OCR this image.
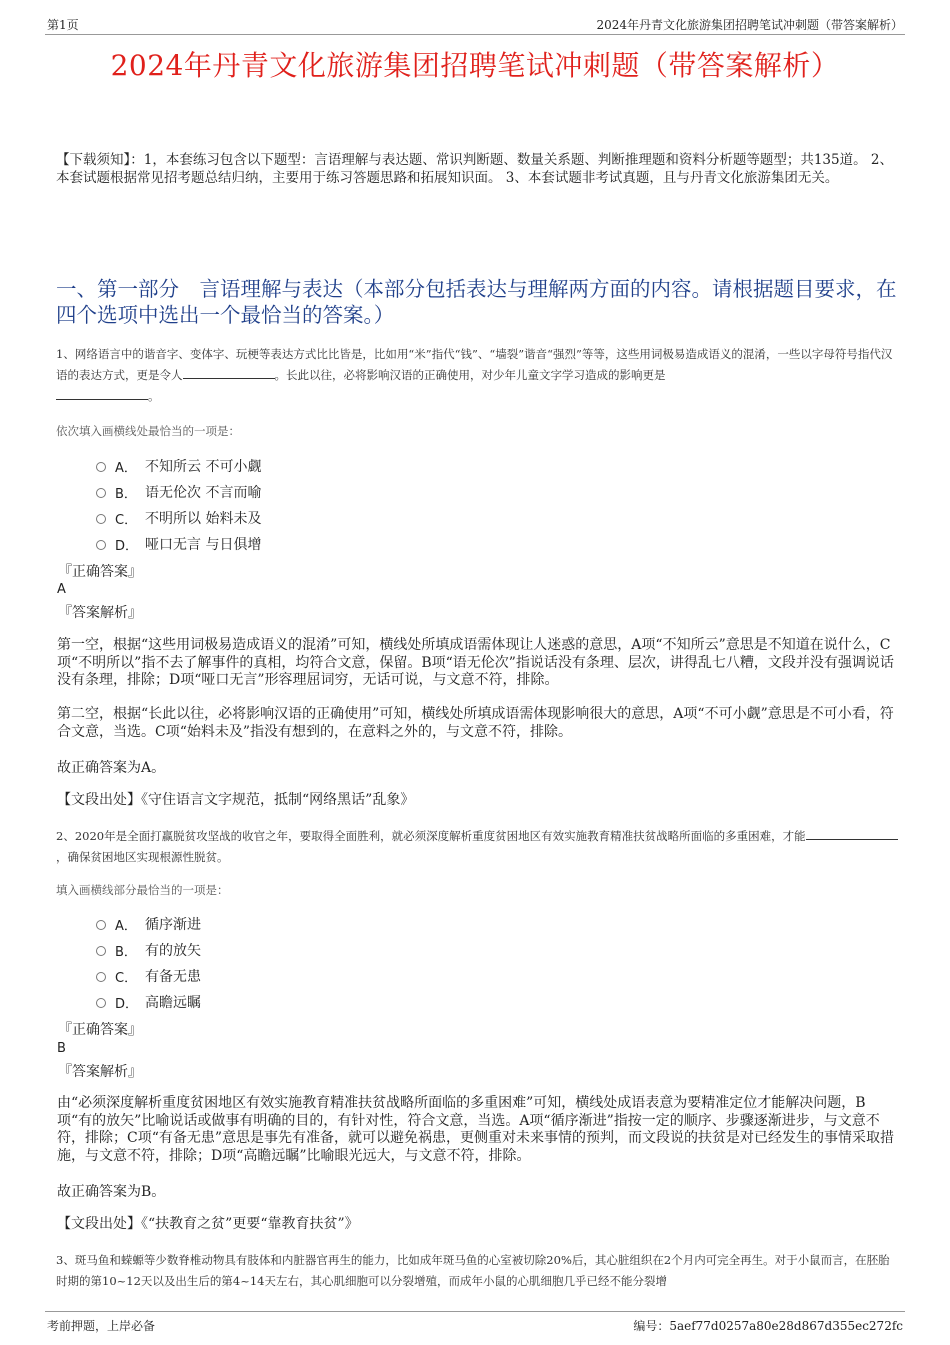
第1页	2024年丹青文化旅游集团招聘笔试冲刺题（带答案解析）
2024年丹青文化旅游集团招聘笔试冲刺题（带答案解析）

【下载须知】：1，本套练习包含以下题型：言语理解与表达题、常识判断题、数量关系题、判断推理题和资料分析题等题型；共135道。 2、本套试题根据常见招考题总结归纳，主要用于练习答题思路和拓展知识面。 3、本套试题非考试真题，且与丹青文化旅游集团无关。

一、第一部分　言语理解与表达（本部分包括表达与理解两方面的内容。请根据题目要求，在四个选项中选出一个最恰当的答案。）

1、网络语言中的谐音字、变体字、玩梗等表达方式比比皆是，比如用“米”指代“钱”、“墙裂”谐音“强烈”等等，这些用词极易造成语义的混淆，一些以字母符号指代汉语的表达方式，更是令人	。长此以往，必将影响汉语的正确使用，对少年儿童文字学习造成的影响更是
。

依次填入画横线处最恰当的一项是：

A． 不知所云 不可小觑
B． 语无伦次 不言而喻
C． 不明所以 始料未及
D． 哑口无言 与日俱增

『正确答案』

A

『答案解析』

第一空，根据“这些用词极易造成语义的混淆”可知，横线处所填成语需体现让人迷惑的意思，A项“不知所云”意思是不知道在说什么，C项“不明所以”指不去了解事件的真相，均符合文意，保留。B项“语无伦次”指说话没有条理、层次，讲得乱七八糟，文段并没有强调说话没有条理，排除；D项“哑口无言”形容理屈词穷，无话可说，与文意不符，排除。

第二空，根据“长此以往，必将影响汉语的正确使用”可知，横线处所填成语需体现影响很大的意思，A项“不可小觑”意思是不可小看，符合文意，当选。C项“始料未及”指没有想到的，在意料之外的，与文意不符，排除。

故正确答案为A。

【文段出处】《守住语言文字规范，抵制“网络黑话”乱象》

2、2020年是全面打赢脱贫攻坚战的收官之年，要取得全面胜利，就必须深度解析重度贫困地区有效实施教育精准扶贫战略所面临的多重困难，才能，确保贫困地区实现根源性脱贫。

填入画横线部分最恰当的一项是：

A． 循序渐进
B． 有的放矢
C． 有备无患
D． 高瞻远瞩

『正确答案』

B

『答案解析』

由“必须深度解析重度贫困地区有效实施教育精准扶贫战略所面临的多重困难”可知，横线处成语表意为要精准定位才能解决问题，B项“有的放矢”比喻说话或做事有明确的目的，有针对性，符合文意，当选。A项“循序渐进”指按一定的顺序、步骤逐渐进步，与文意不符，排除；C项“有备无患”意思是事先有准备，就可以避免祸患，更侧重对未来事情的预判，而文段说的扶贫是对已经发生的事情采取措施，与文意不符，排除；D项“高瞻远瞩”比喻眼光远大，与文意不符，排除。

故正确答案为B。

【文段出处】《“扶教育之贫”更要“靠教育扶贫”》

3、斑马鱼和蝾螈等少数脊椎动物具有肢体和内脏器官再生的能力，比如成年斑马鱼的心室被切除20%后，其心脏组织在2个月内可完全再生。对于小鼠而言，在胚胎时期的第10~12天以及出生后的第4~14天左右，其心肌细胞可以分裂增殖，而成年小鼠的心肌细胞几乎已经不能分裂增

考前押题，上岸必备	编号：5aef77d0257a80e28d867d355ec272fc
